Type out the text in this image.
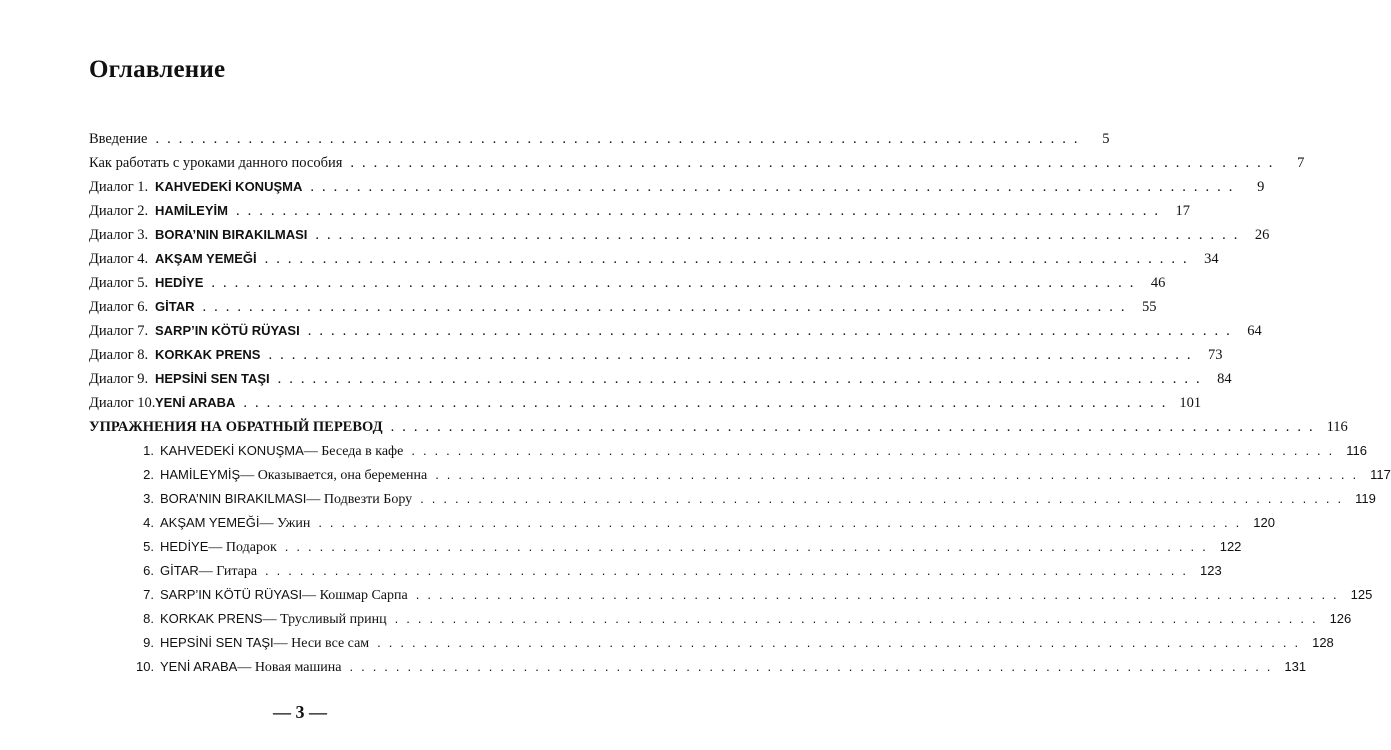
Оглавление
Введение ................................................................................	5
Как работать с уроками данного пособия ................................................................................	7
Диалог 1. KAHVEDEKİ KONUŞMA ................................................................................	9
Диалог 2. HAMİLEYİM ................................................................................ 17
Диалог 3. BORA’NIN BIRAKILMASI ................................................................................ 26
Диалог 4. AKŞAM YEMEĞİ ................................................................................ 34
Диалог 5. HEDİYE ................................................................................ 46
Диалог 6. GİTAR ................................................................................ 55
Диалог 7. SARP’IN KÖTÜ RÜYASI ................................................................................ 64
Диалог 8. KORKAK PRENS ................................................................................ 73
Диалог 9. HEPSİNİ SEN TAŞI ................................................................................ 84
Диалог 10. YENİ ARABA ................................................................................ 101
УПРАЖНЕНИЯ НА ОБРАТНЫЙ ПЕРЕВОД ................................................................................ 116
1. KAHVEDEKİ KONUŞMA — Беседа в кафе ................................................................................ 116
2. HAMİLEYMİŞ — Оказывается, она беременна ................................................................................ 117
3. BORA’NIN BIRAKILMASI — Подвезти Бору ................................................................................ 119
4. AKŞAM YEMEĞİ — Ужин ................................................................................ 120
5. HEDİYE — Подарок ................................................................................ 122
6. GİTAR — Гитара ................................................................................ 123
7. SARP’IN KÖTÜ RÜYASI — Кошмар Сарпа ................................................................................ 125
8. KORKAK PRENS — Трусливый принц ................................................................................ 126
9. HEPSİNİ SEN TAŞI — Неси все сам ................................................................................ 128
10. YENİ ARABA — Новая машина ................................................................................ 131
— 3 —
